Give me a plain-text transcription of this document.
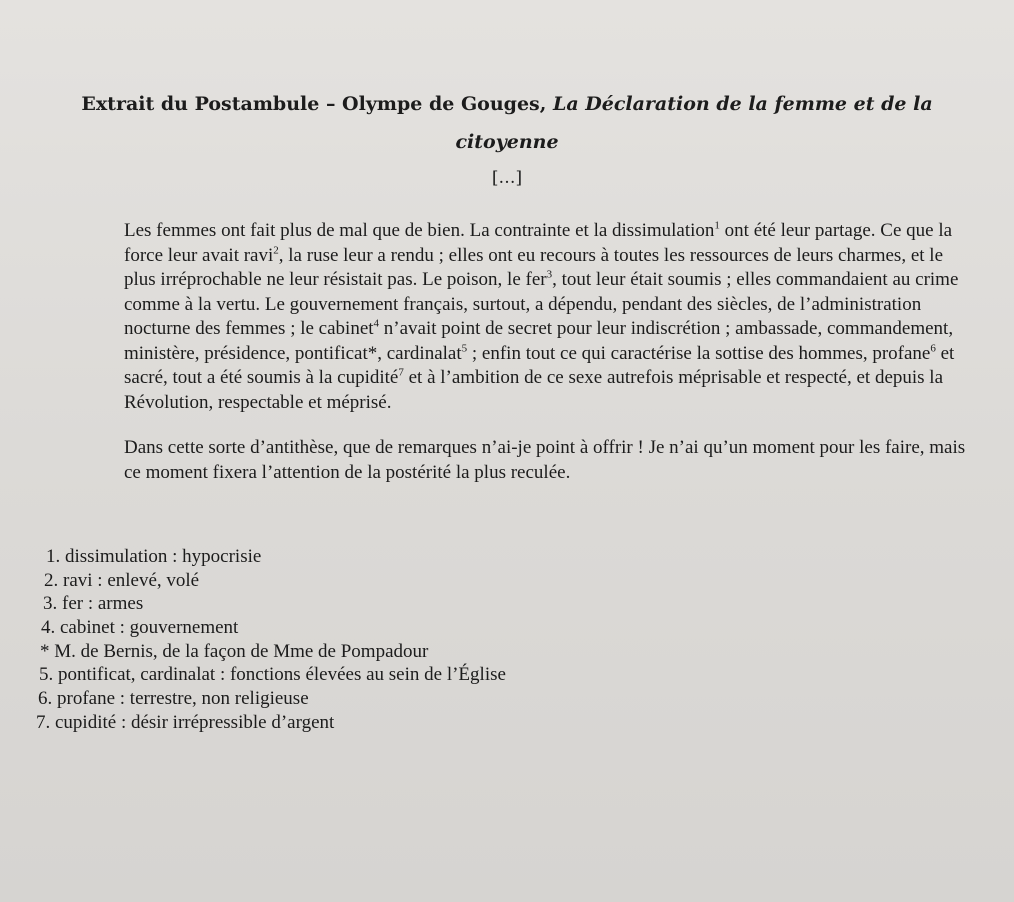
Extrait du Postambule – Olympe de Gouges, La Déclaration de la femme et de la citoyenne

[…]

Les femmes ont fait plus de mal que de bien. La contrainte et la dissimulation$^1$ ont été leur partage. Ce que la force leur avait ravi$^2$, la ruse leur a rendu ; elles ont eu recours à toutes les ressources de leurs charmes, et le plus irréprochable ne leur résistait pas. Le poison, le fer$^3$, tout leur était soumis ; elles commandaient au crime comme à la vertu. Le gouvernement français, surtout, a dépendu, pendant des siècles, de l’administration nocturne des femmes ; le cabinet$^4$ n’avait point de secret pour leur indiscrétion ; ambassade, commandement, ministère, présidence, pontificat*, cardinalat$^5$ ; enfin tout ce qui caractérise la sottise des hommes, profane$^6$ et sacré, tout a été soumis à la cupidité$^7$ et à l’ambition de ce sexe autrefois méprisable et respecté, et depuis la Révolution, respectable et méprisé.

Dans cette sorte d’antithèse, que de remarques n’ai-je point à offrir ! Je n’ai qu’un moment pour les faire, mais ce moment fixera l’attention de la postérité la plus reculée.

1. dissimulation : hypocrisie
2. ravi : enlevé, volé
3. fer : armes
4. cabinet : gouvernement
* M. de Bernis, de la façon de Mme de Pompadour
5. pontificat, cardinalat : fonctions élevées au sein de l’Église
6. profane : terrestre, non religieuse
7. cupidité : désir irrépressible d’argent
